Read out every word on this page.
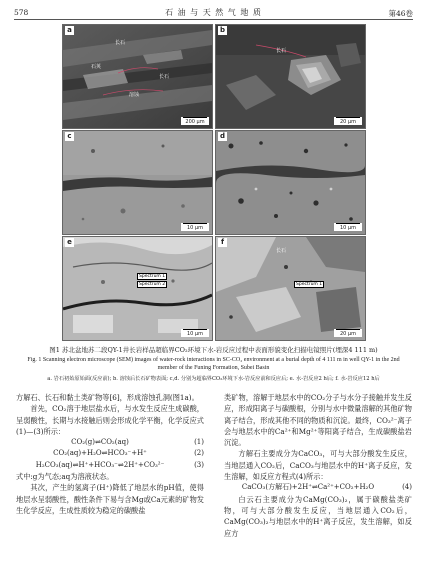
578	石 油 与 天 然 气 地 质	第46卷
a
长石
石英
长石
溶蚀
200 μm
b
长石
20 μm
c
10 μm
d
10 μm
e
Spectrum 1
Spectrum 2
10 μm
f
长石
Spectrum 1
20 μm
图1 苏北盆地苏二段QY-1井长岩样品超临界CO₂环境下水-岩反应过程中表面形貌变化扫描电镜照片(埋深4 111 m)
Fig. 1 Scanning electron microscope (SEM) images of water-rock interactions in SC-CO₂ environment at a burial depth of 4 111 m in well QY-1 in the 2nd member of the Funing Formation, Subei Basin
a. 岩石初始原始面(反应前); b. 溶蚀后长石矿物表面; c,d. 分别为超临界CO₂环境下水-岩反应前和反应后; e. 水-岩反应2 h后; f. 水-岩反应12 h后

方解石、长石和黏土类矿物等[6]，形成溶蚀孔洞(图1a)。

首先，CO₂溶于地层盐水后，与水发生反应生成碳酸，呈弱酸性，长期与水接触后则会形成化学平衡，化学反应式(1)—(3)所示：

CO₂(g)⇌CO₂(aq)	(1)
CO₂(aq)+H₂O⇌HCO₃⁻+H⁺	(2)
H₂CO₃(aq)⇌H⁺+HCO₃⁻⇌2H⁺+CO₃²⁻	(3)

式中:g为气态;aq为溶液状态。

其次，产生的氢离子(H⁺)降低了地层水的pH值，使得地层水呈弱酸性，酸性条件下易与含Mg或Ca元素的矿物发生化学反应，生成性质较为稳定的碳酸盐

类矿物，溶解于地层水中的CO₂分子与水分子接触并发生反应，形成阳离子与碳酸根，分别与水中微量溶解的其他矿物离子结合，形成其他不同的物质和沉淀。最终，CO₃²⁻离子会与地层水中的Ca²⁺和Mg²⁺等阳离子结合，生成碳酸盐岩沉淀。

方解石主要成分为CaCO₃，可与大部分酸发生反应，当地层通入CO₂后，CaCO₃与地层水中的H⁺离子反应，发生溶解，如反应方程式(4)所示：

CaCO₃(方解石)+2H⁺⇌Ca²⁺+CO₂+H₂O	(4)

白云石主要成分为CaMg(CO₃)₂，属于碳酸盐类矿物，可与大部分酸发生反应，当地层通入CO₂后，CaMg(CO₃)₂与地层水中的H⁺离子反应，发生溶解，如反应方
